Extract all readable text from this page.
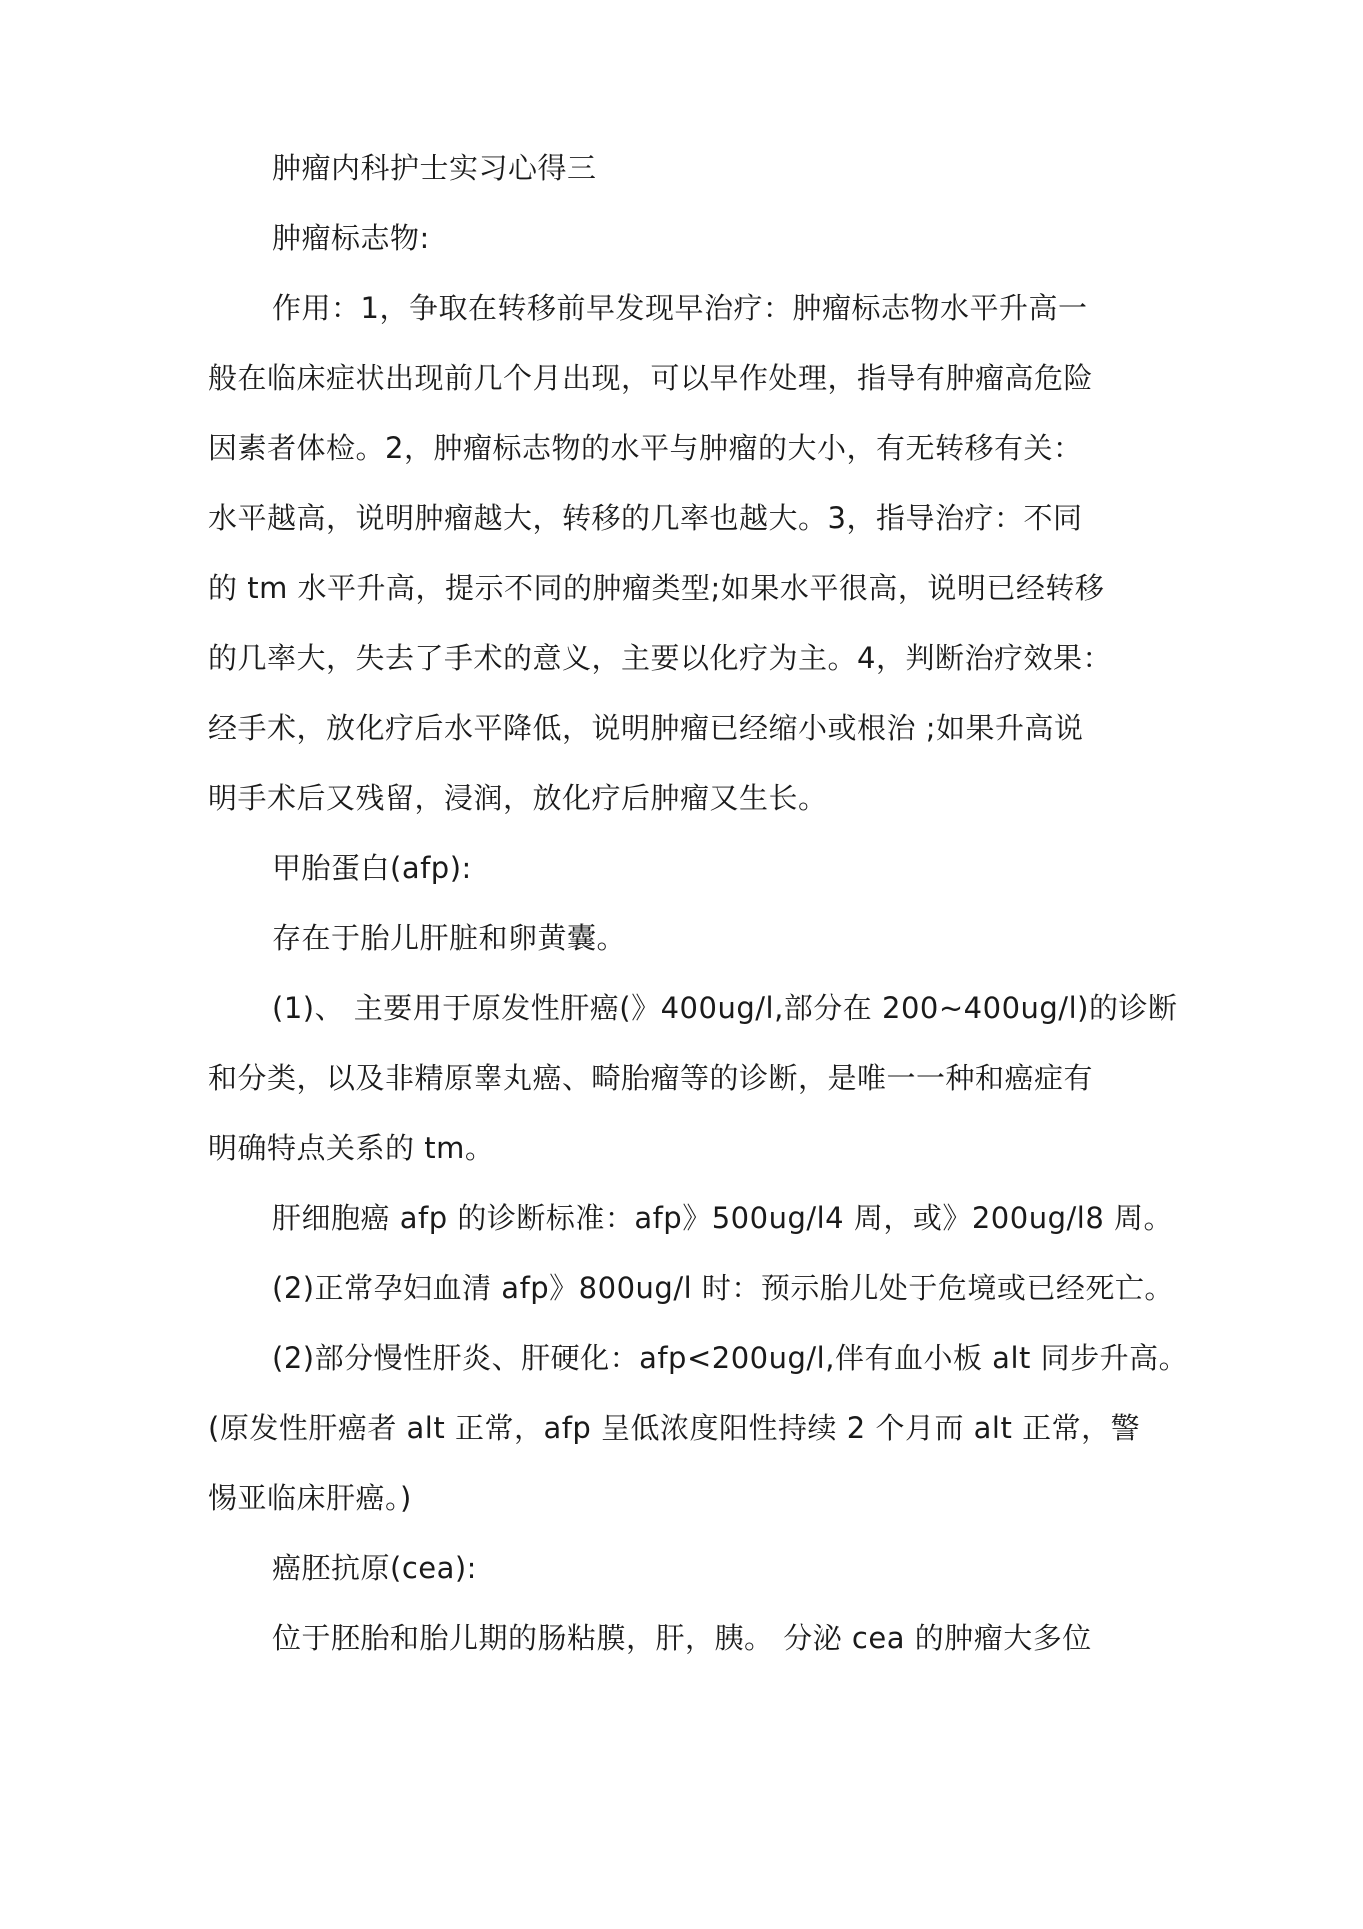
肿瘤内科护士实习心得三
肿瘤标志物:
作用：1，争取在转移前早发现早治疗：肿瘤标志物水平升高一
般在临床症状出现前几个月出现，可以早作处理，指导有肿瘤高危险
因素者体检。2，肿瘤标志物的水平与肿瘤的大小，有无转移有关：
水平越高，说明肿瘤越大，转移的几率也越大。3，指导治疗：不同
的 tm 水平升高，提示不同的肿瘤类型;如果水平很高，说明已经转移
的几率大，失去了手术的意义，主要以化疗为主。4，判断治疗效果：
经手术，放化疗后水平降低，说明肿瘤已经缩小或根治 ;如果升高说
明手术后又残留，浸润，放化疗后肿瘤又生长。
甲胎蛋白(afp):
存在于胎儿肝脏和卵黄囊。
(1)、 主要用于原发性肝癌(》400ug/l,部分在 200~400ug/l)的诊断
和分类，以及非精原睾丸癌、畸胎瘤等的诊断，是唯一一种和癌症有
明确特点关系的 tm。
肝细胞癌 afp 的诊断标准：afp》500ug/l4 周，或》200ug/l8 周。
(2)正常孕妇血清 afp》800ug/l 时：预示胎儿处于危境或已经死亡。
(2)部分慢性肝炎、肝硬化：afp<200ug/l,伴有血小板 alt 同步升高。
(原发性肝癌者 alt 正常，afp 呈低浓度阳性持续 2 个月而 alt 正常，警
惕亚临床肝癌。)
癌胚抗原(cea):
位于胚胎和胎儿期的肠粘膜，肝，胰。 分泌 cea 的肿瘤大多位
